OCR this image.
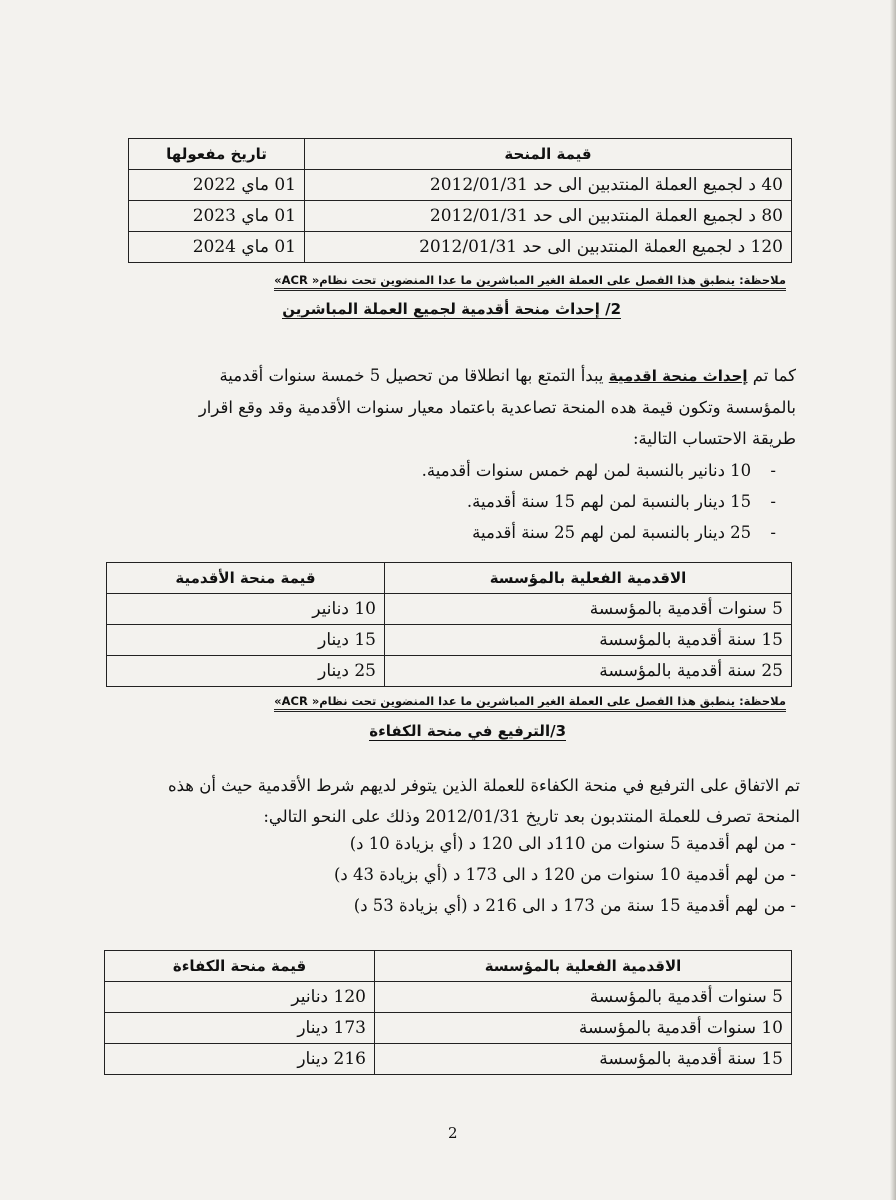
قيمة المنحة	تاريخ مفعولها
40 د لجميع العملة المنتدبين الى حد 2012/01/31	01 ماي 2022
80 د لجميع العملة المنتدبين الى حد 2012/01/31	01 ماي 2023
120 د لجميع العملة المنتدبين الى حد 2012/01/31	01 ماي 2024
ملاحظة: ينطبق هذا الفصل على العملة الغير المباشرين ما عدا المنضوين تحت نظام« ACR»
2/ إحداث منحة أقدمية لجميع العملة المباشرين
كما تم إحداث منحة اقدمية يبدأ التمتع بها انطلاقا من تحصيل 5 خمسة سنوات أقدمية
بالمؤسسة وتكون قيمة هده المنحة تصاعدية باعتماد معيار سنوات الأقدمية وقد وقع اقرار
طريقة الاحتساب التالية:
- 10 دنانير بالنسبة لمن لهم خمس سنوات أقدمية.
- 15 دينار بالنسبة لمن لهم 15 سنة أقدمية.
- 25 دينار بالنسبة لمن لهم 25 سنة أقدمية
الاقدمية الفعلية بالمؤسسة	قيمة منحة الأقدمية
5 سنوات أقدمية بالمؤسسة	10 دنانير
15 سنة أقدمية بالمؤسسة	15 دينار
25 سنة أقدمية بالمؤسسة	25 دينار
ملاحظة: ينطبق هذا الفصل على العملة الغير المباشرين ما عدا المنضوين تحت نظام« ACR»
3/الترفيع في منحة الكفاءة
تم الاتفاق على الترفيع في منحة الكفاءة للعملة الذين يتوفر لديهم شرط الأقدمية حيث أن هذه
المنحة تصرف للعملة المنتدبون بعد تاريخ 2012/01/31 وذلك على النحو التالي:
- من لهم أقدمية 5 سنوات من 110د الى 120 د (أي بزيادة 10 د)
- من لهم أقدمية 10 سنوات من 120 د الى 173 د (أي بزيادة 43 د)
- من لهم أقدمية 15 سنة من 173 د الى 216 د (أي بزيادة 53 د)
الاقدمية الفعلية بالمؤسسة	قيمة منحة الكفاءة
5 سنوات أقدمية بالمؤسسة	120 دنانير
10 سنوات أقدمية بالمؤسسة	173 دينار
15 سنة أقدمية بالمؤسسة	216 دينار
2
